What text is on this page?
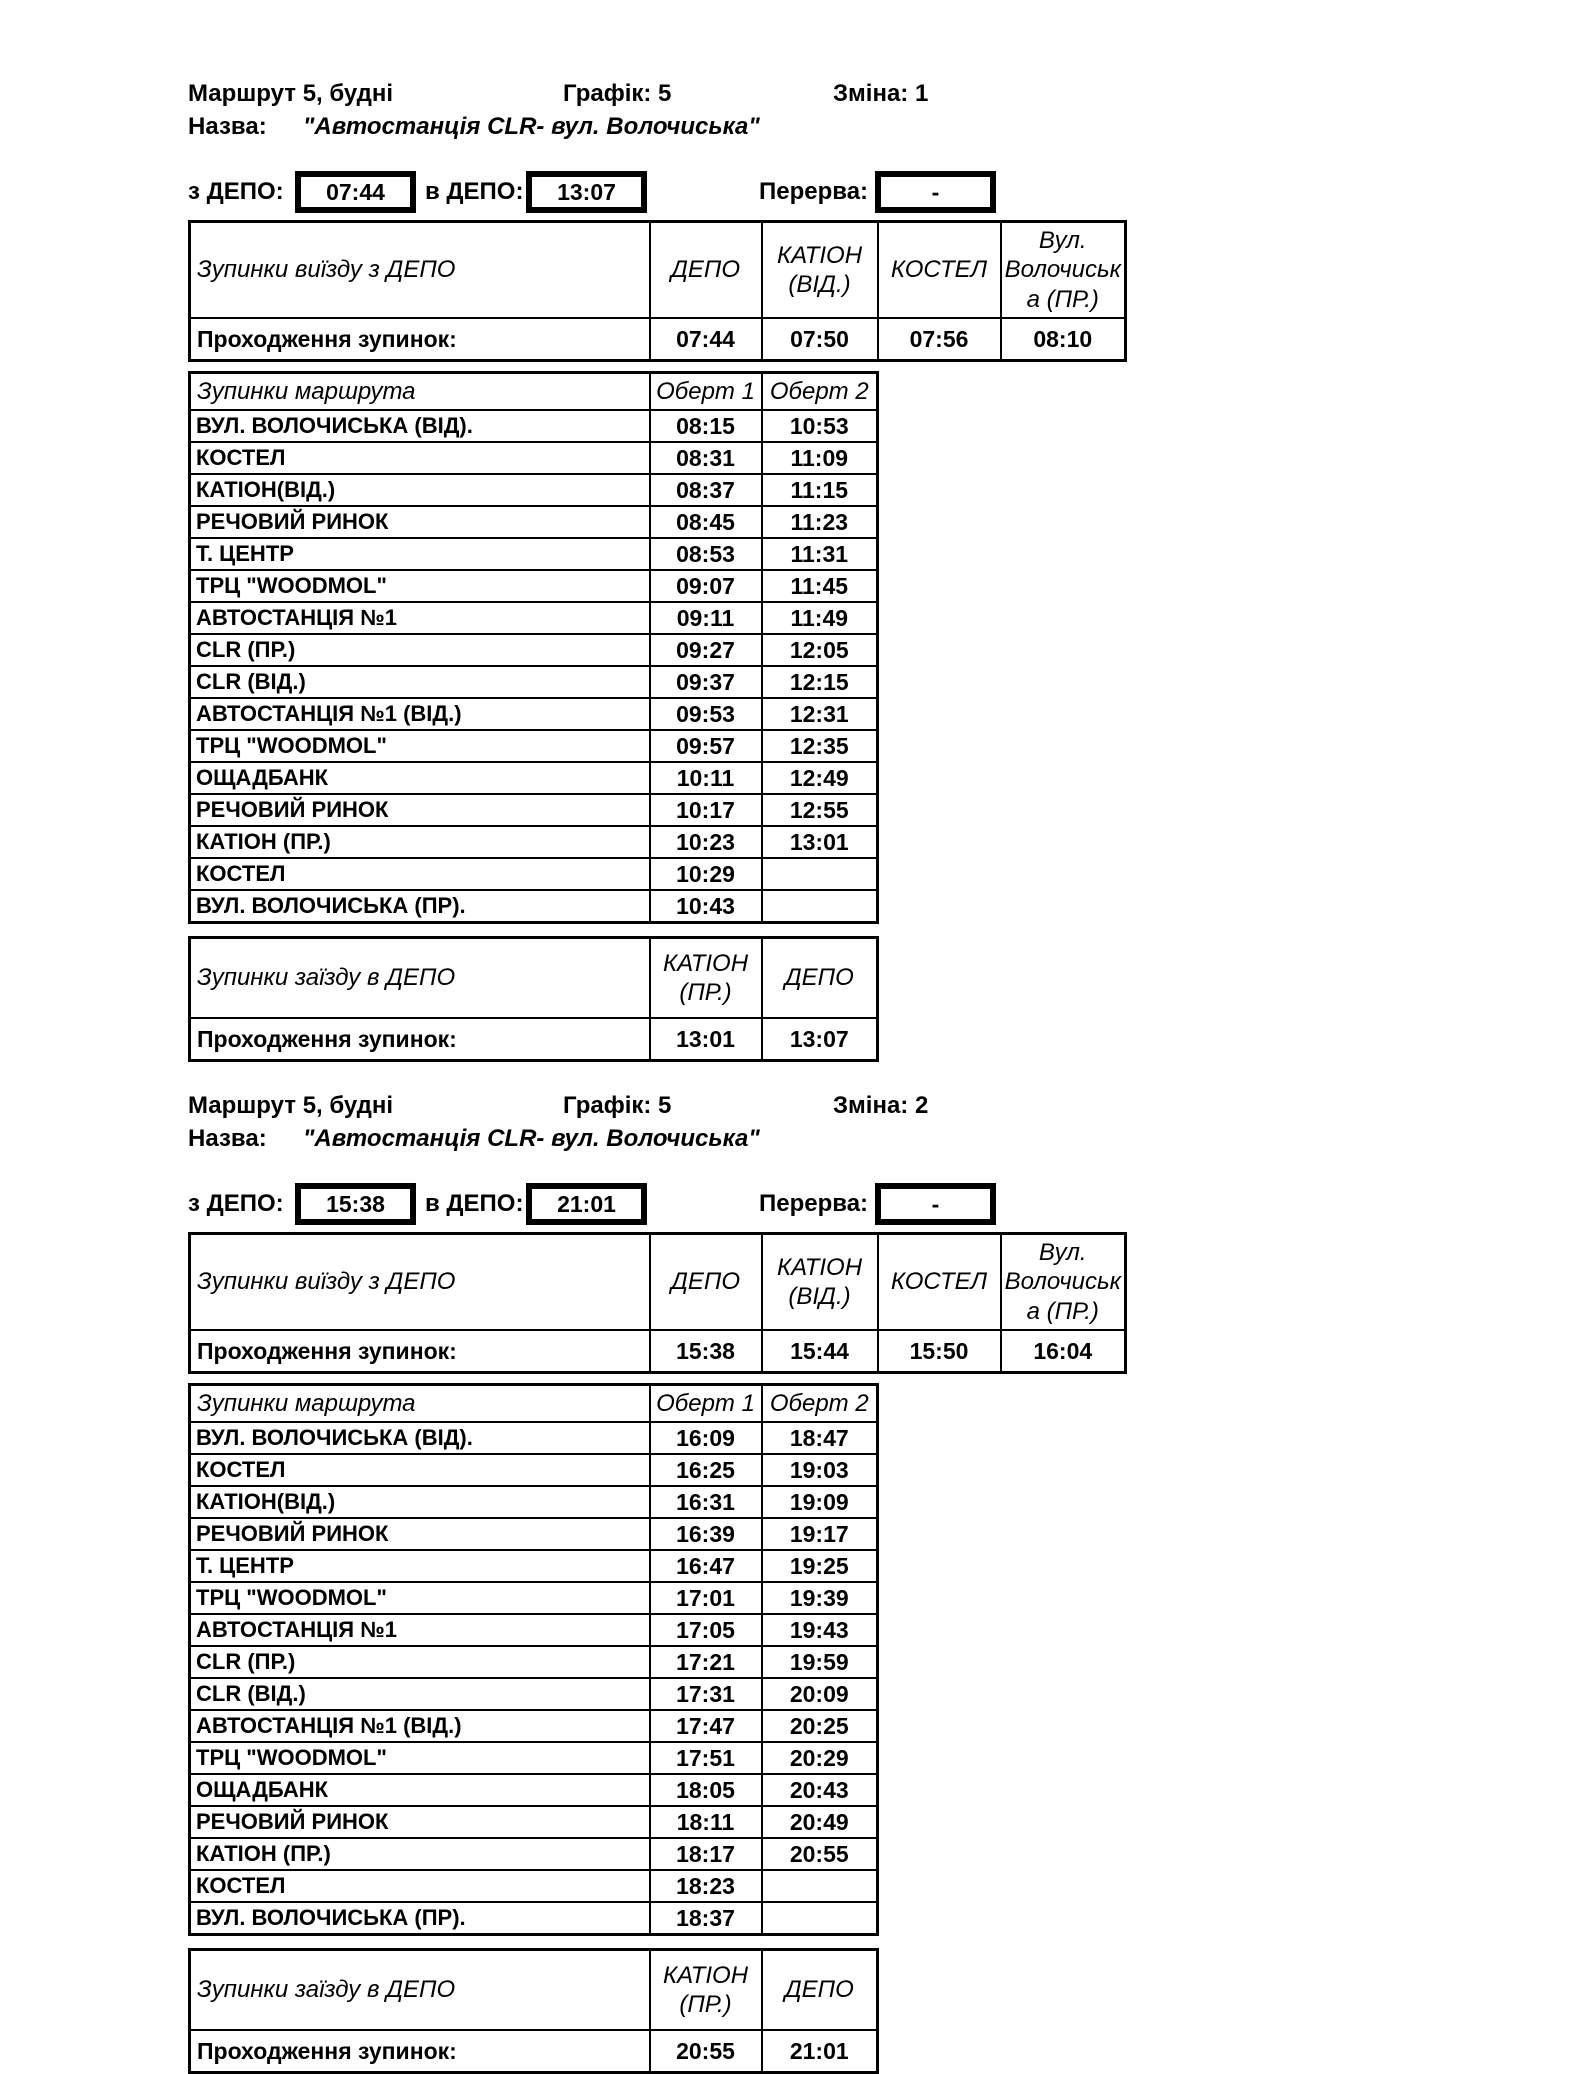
Маршрут 5, будні	Графік: 5	Зміна: 1
Назва:	"Автостанція CLR- вул. Волочиська"
з ДЕПО:	07:44	в ДЕПО:	13:07	Перерва:	-
Зупинки виїзду з ДЕПО	ДЕПО	КАТІОН (ВІД.)	КОСТЕЛ	Вул. Волочиська (ПР.)
Проходження зупинок:	07:44	07:50	07:56	08:10
Зупинки маршрута	Оберт 1	Оберт 2
ВУЛ. ВОЛОЧИСЬКА (ВІД).	08:15	10:53
КОСТЕЛ	08:31	11:09
КАТІОН(ВІД.)	08:37	11:15
РЕЧОВИЙ РИНОК	08:45	11:23
Т. ЦЕНТР	08:53	11:31
ТРЦ "WOODMOL"	09:07	11:45
АВТОСТАНЦІЯ №1	09:11	11:49
CLR (ПР.)	09:27	12:05
CLR (ВІД.)	09:37	12:15
АВТОСТАНЦІЯ №1 (ВІД.)	09:53	12:31
ТРЦ "WOODMOL"	09:57	12:35
ОЩАДБАНК	10:11	12:49
РЕЧОВИЙ РИНОК	10:17	12:55
КАТІОН (ПР.)	10:23	13:01
КОСТЕЛ	10:29	
ВУЛ. ВОЛОЧИСЬКА (ПР).	10:43	
Зупинки заїзду в ДЕПО	КАТІОН (ПР.)	ДЕПО
Проходження зупинок:	13:01	13:07
Маршрут 5, будні	Графік: 5	Зміна: 2
Назва:	"Автостанція CLR- вул. Волочиська"
з ДЕПО:	15:38	в ДЕПО:	21:01	Перерва:	-
Зупинки виїзду з ДЕПО	ДЕПО	КАТІОН (ВІД.)	КОСТЕЛ	Вул. Волочиська (ПР.)
Проходження зупинок:	15:38	15:44	15:50	16:04
Зупинки маршрута	Оберт 1	Оберт 2
ВУЛ. ВОЛОЧИСЬКА (ВІД).	16:09	18:47
КОСТЕЛ	16:25	19:03
КАТІОН(ВІД.)	16:31	19:09
РЕЧОВИЙ РИНОК	16:39	19:17
Т. ЦЕНТР	16:47	19:25
ТРЦ "WOODMOL"	17:01	19:39
АВТОСТАНЦІЯ №1	17:05	19:43
CLR (ПР.)	17:21	19:59
CLR (ВІД.)	17:31	20:09
АВТОСТАНЦІЯ №1 (ВІД.)	17:47	20:25
ТРЦ "WOODMOL"	17:51	20:29
ОЩАДБАНК	18:05	20:43
РЕЧОВИЙ РИНОК	18:11	20:49
КАТІОН (ПР.)	18:17	20:55
КОСТЕЛ	18:23	
ВУЛ. ВОЛОЧИСЬКА (ПР).	18:37	
Зупинки заїзду в ДЕПО	КАТІОН (ПР.)	ДЕПО
Проходження зупинок:	20:55	21:01
